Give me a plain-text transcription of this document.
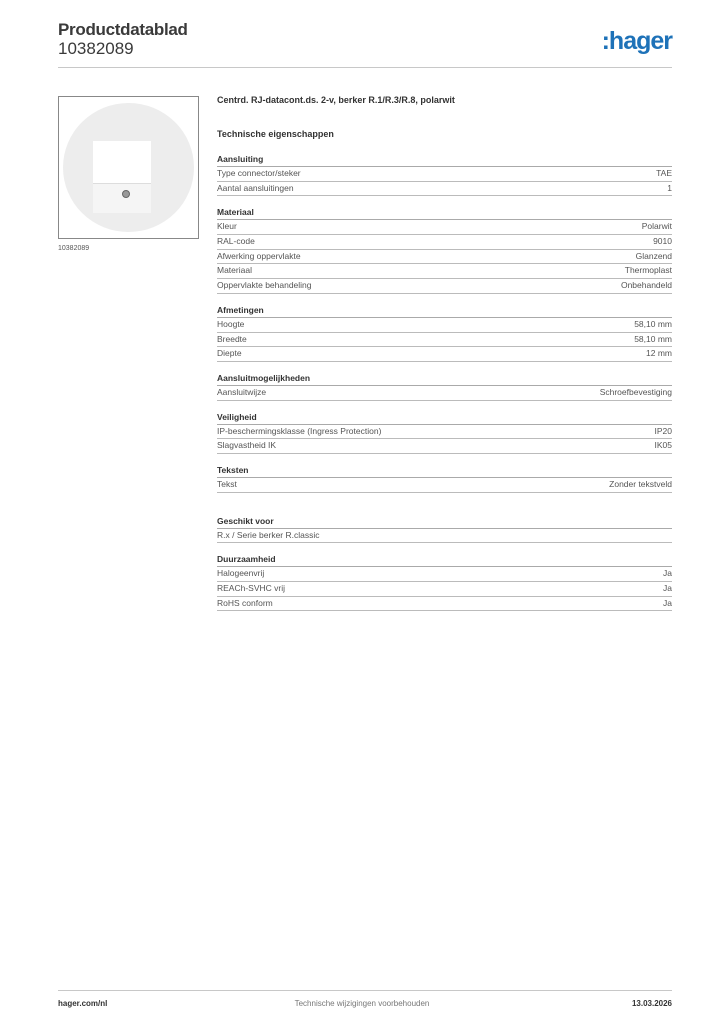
Productdatablad
10382089	:hager
10382089
Centrd. RJ-datacont.ds. 2-v, berker R.1/R.3/R.8, polarwit
Technische eigenschappen
Aansluiting
Type connector/steker	TAE
Aantal aansluitingen	1
Materiaal
Kleur	Polarwit
RAL-code	9010
Afwerking oppervlakte	Glanzend
Materiaal	Thermoplast
Oppervlakte behandeling	Onbehandeld
Afmetingen
Hoogte	58,10 mm
Breedte	58,10 mm
Diepte	12 mm
Aansluitmogelijkheden
Aansluitwijze	Schroefbevestiging
Veiligheid
IP-beschermingsklasse (Ingress Protection)	IP20
Slagvastheid IK	IK05
Teksten
Tekst	Zonder tekstveld
Geschikt voor
R.x / Serie berker R.classic
Duurzaamheid
Halogeenvrij	Ja
REACh-SVHC vrij	Ja
RoHS conform	Ja
hager.com/nl	Technische wijzigingen voorbehouden	13.03.2026
